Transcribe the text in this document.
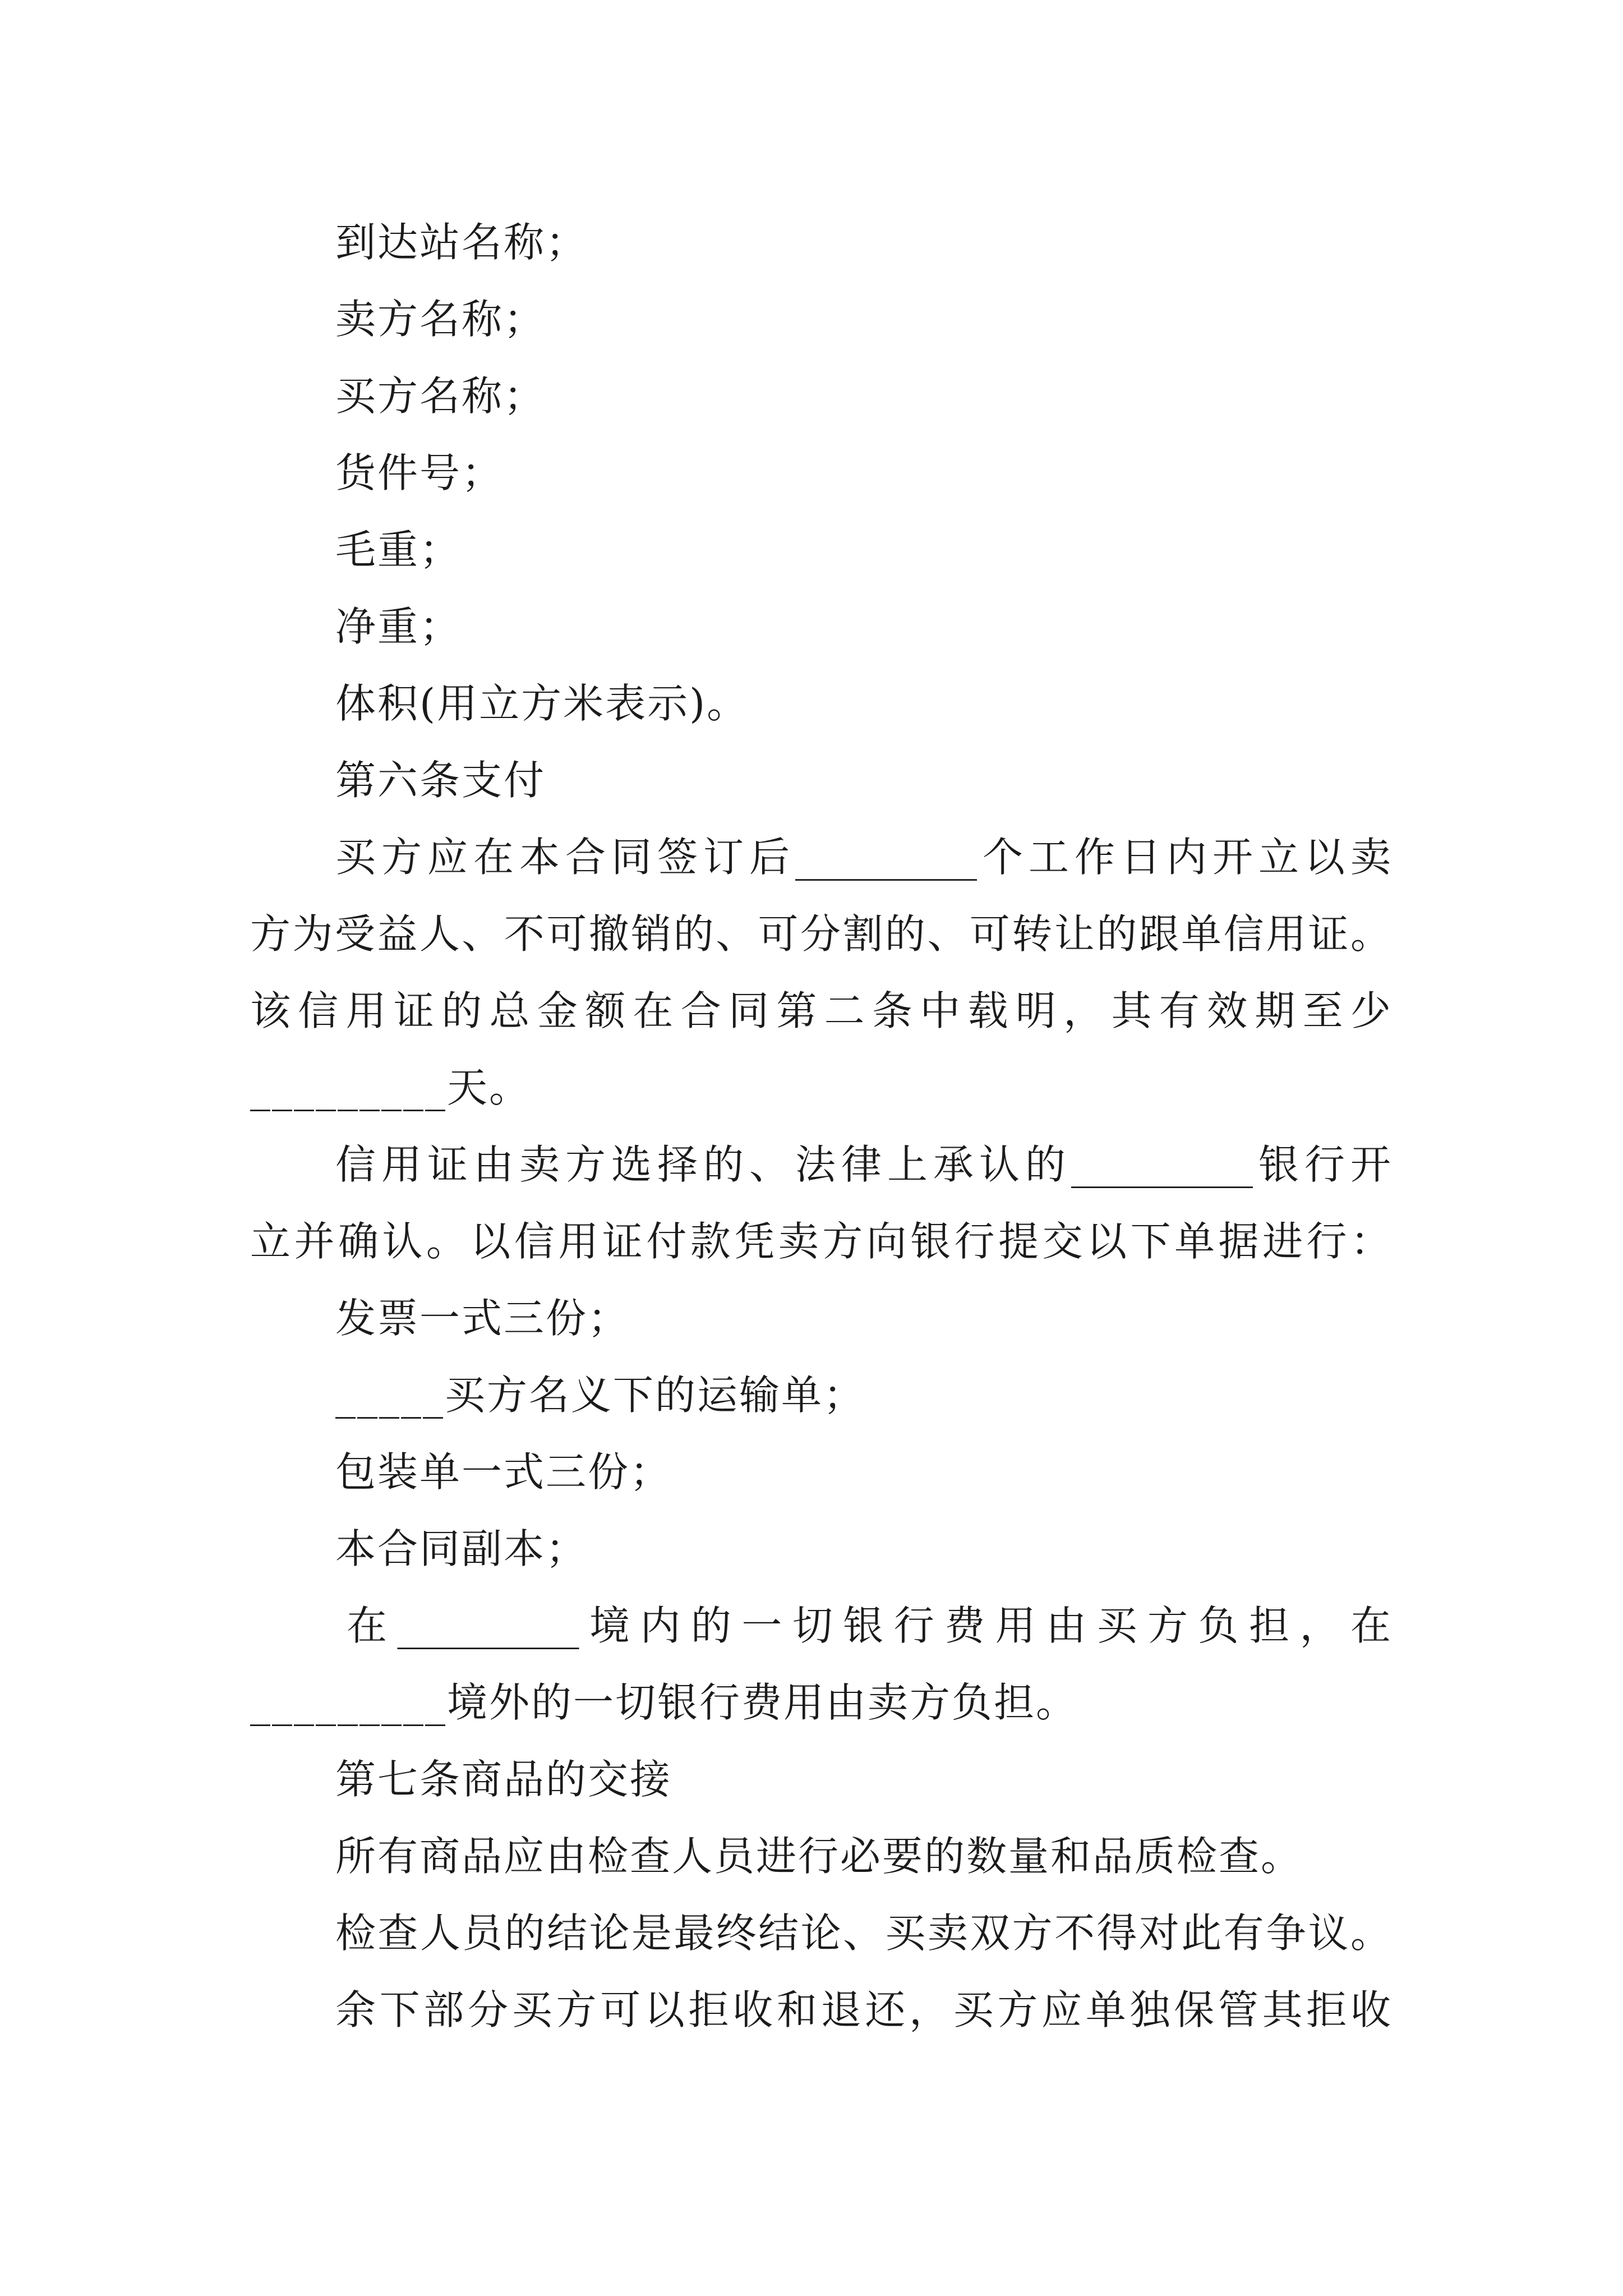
到达站名称；
卖方名称；
买方名称；
货件号；
毛重；
净重；
体积(用立方米表示)。
第六条支付
买方应在本合同签订后_________个工作日内开立以卖
方为受益人、不可撤销的、可分割的、可转让的跟单信用证。
该信用证的总金额在合同第二条中载明，其有效期至少
_________天。
信用证由卖方选择的、法律上承认的_________银行开
立并确认。以信用证付款凭卖方向银行提交以下单据进行：
发票一式三份；
_____买方名义下的运输单；
包装单一式三份；
本合同副本；
在_________境内的一切银行费用由买方负担，在
_________境外的一切银行费用由卖方负担。
第七条商品的交接
所有商品应由检查人员进行必要的数量和品质检查。
检查人员的结论是最终结论、买卖双方不得对此有争议。
余下部分买方可以拒收和退还，买方应单独保管其拒收
